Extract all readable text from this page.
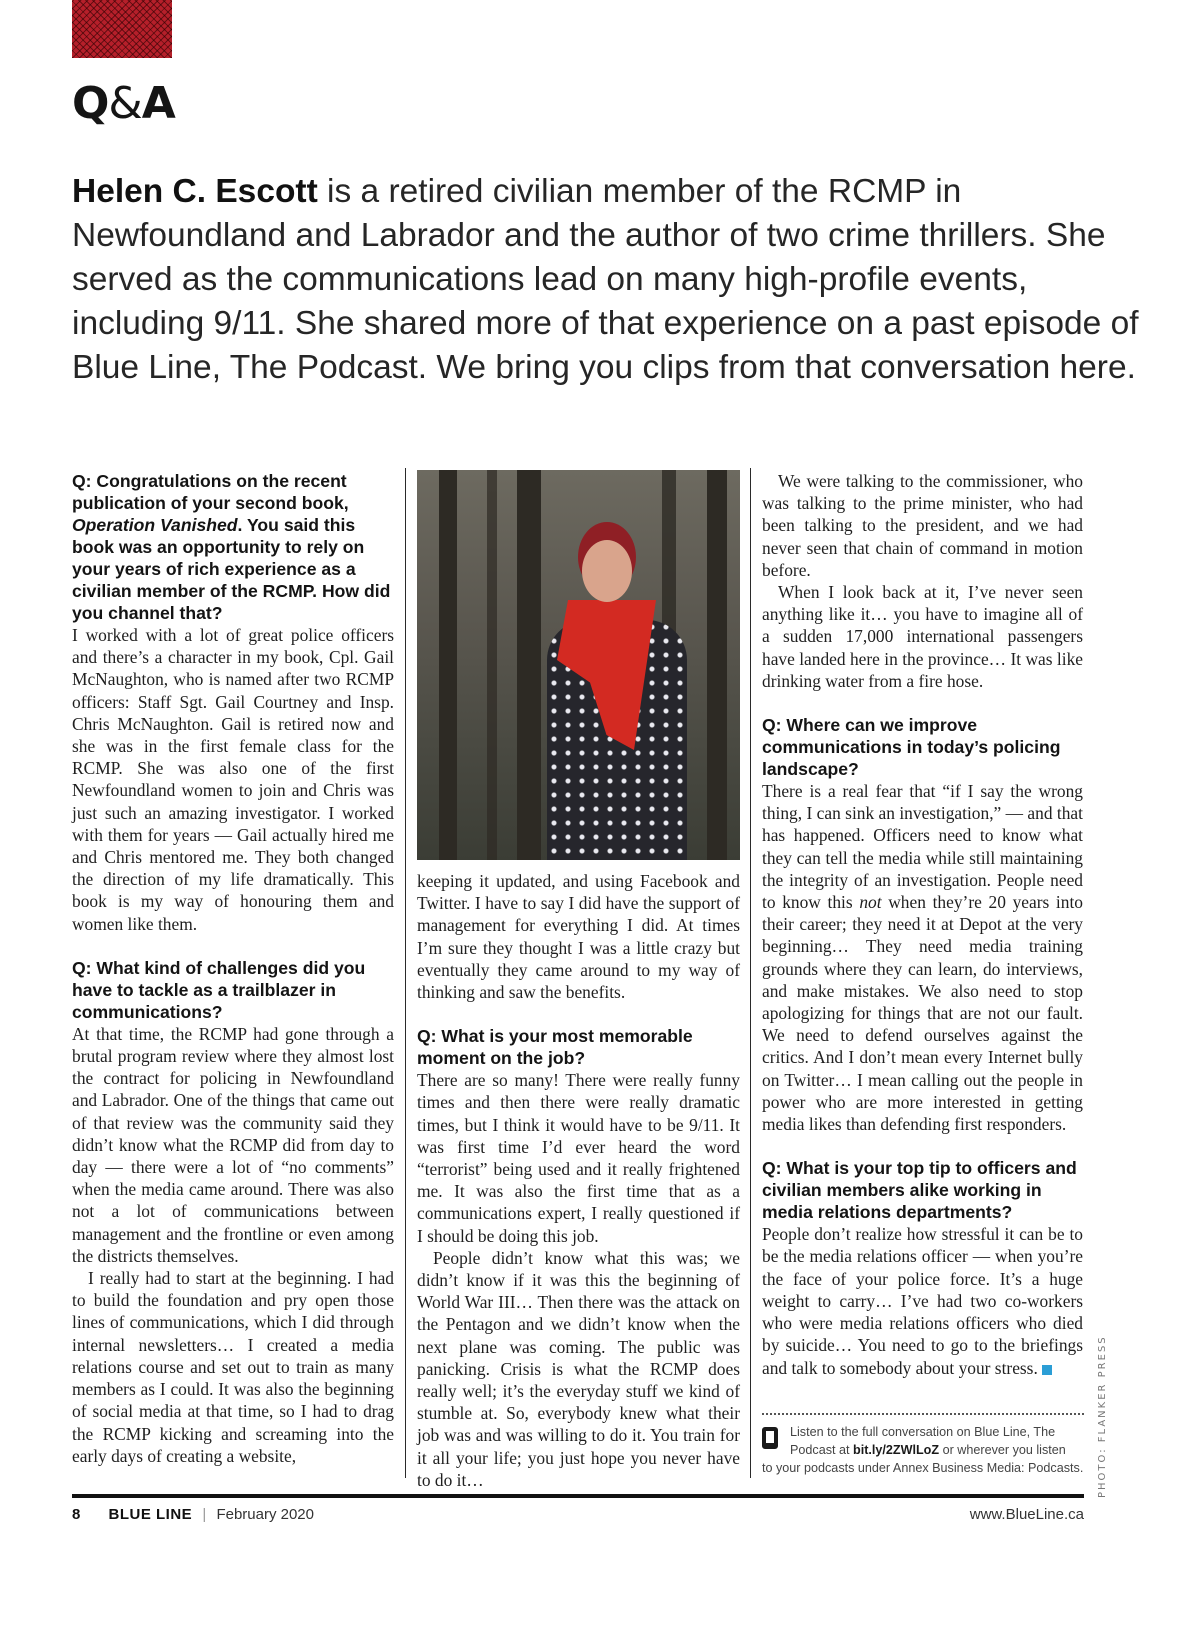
Q&A

Helen C. Escott is a retired civilian member of the RCMP in Newfoundland and Labrador and the author of two crime thrillers. She served as the communications lead on many high-profile events, including 9/11. She shared more of that experience on a past episode of Blue Line, The Podcast. We bring you clips from that conversation here.

Q: Congratulations on the recent publication of your second book, Operation Vanished. You said this book was an opportunity to rely on your years of rich experience as a civilian member of the RCMP. How did you channel that?

I worked with a lot of great police officers and there’s a character in my book, Cpl. Gail McNaughton, who is named after two RCMP officers: Staff Sgt. Gail Courtney and Insp. Chris McNaughton. Gail is retired now and she was in the first female class for the RCMP. She was also one of the first Newfoundland women to join and Chris was just such an amazing investigator. I worked with them for years — Gail actually hired me and Chris mentored me. They both changed the direction of my life dramatically. This book is my way of honouring them and women like them.

Q: What kind of challenges did you have to tackle as a trailblazer in communications?

At that time, the RCMP had gone through a brutal program review where they almost lost the contract for policing in Newfoundland and Labrador. One of the things that came out of that review was the community said they didn’t know what the RCMP did from day to day — there were a lot of “no comments” when the media came around. There was also not a lot of communications between management and the frontline or even among the districts themselves.

I really had to start at the beginning. I had to build the foundation and pry open those lines of communications, which I did through internal newsletters… I created a media relations course and set out to train as many members as I could. It was also the beginning of social media at that time, so I had to drag the RCMP kicking and screaming into the early days of creating a website,

keeping it updated, and using Facebook and Twitter. I have to say I did have the support of management for everything I did. At times I’m sure they thought I was a little crazy but eventually they came around to my way of thinking and saw the benefits.

Q: What is your most memorable moment on the job?

There are so many! There were really funny times and then there were really dramatic times, but I think it would have to be 9/11. It was first time I’d ever heard the word “terrorist” being used and it really frightened me. It was also the first time that as a communications expert, I really questioned if I should be doing this job.

People didn’t know what this was; we didn’t know if it was this the beginning of World War III… Then there was the attack on the Pentagon and we didn’t know when the next plane was coming. The public was panicking. Crisis is what the RCMP does really well; it’s the everyday stuff we kind of stumble at. So, everybody knew what their job was and was willing to do it. You train for it all your life; you just hope you never have to do it…

We were talking to the commissioner, who was talking to the prime minister, who had been talking to the president, and we had never seen that chain of command in motion before.

When I look back at it, I’ve never seen anything like it… you have to imagine all of a sudden 17,000 international passengers have landed here in the province… It was like drinking water from a fire hose.

Q: Where can we improve communications in today’s policing landscape?

There is a real fear that “if I say the wrong thing, I can sink an investigation,” — and that has happened. Officers need to know what they can tell the media while still maintaining the integrity of an investigation. People need to know this not when they’re 20 years into their career; they need it at Depot at the very beginning… They need media training grounds where they can learn, do interviews, and make mistakes. We also need to stop apologizing for things that are not our fault. We need to defend ourselves against the critics. And I don’t mean every Internet bully on Twitter… I mean calling out the people in power who are more interested in getting media likes than defending first responders.

Q: What is your top tip to officers and civilian members alike working in media relations departments?

People don’t realize how stressful it can be to be the media relations officer — when you’re the face of your police force. It’s a huge weight to carry… I’ve had two co-workers who were media relations officers who died by suicide… You need to go to the briefings and talk to somebody about your stress.

Listen to the full conversation on Blue Line, The
Podcast at bit.ly/2ZWlLoZ or wherever you listen
to your podcasts under Annex Business Media: Podcasts. PHOTO: FLANKER PRESS
8 BLUE LINE | February 2020	www.BlueLine.ca
